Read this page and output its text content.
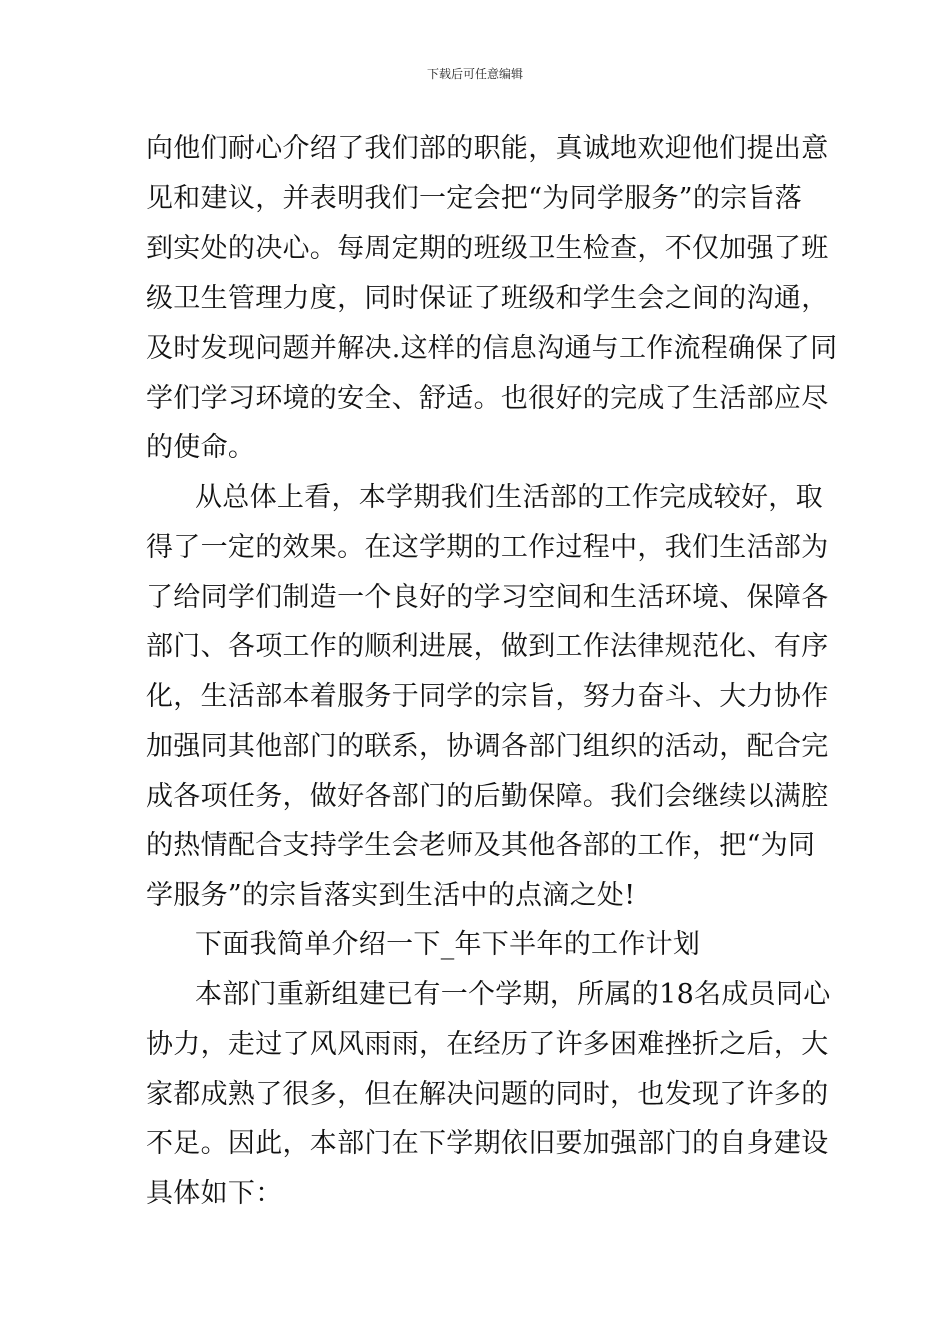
下载后可任意编辑
向他们耐心介绍了我们部的职能，真诚地欢迎他们提出意
见和建议，并表明我们一定会把“为同学服务”的宗旨落
到实处的决心。每周定期的班级卫生检查，不仅加强了班
级卫生管理力度，同时保证了班级和学生会之间的沟通，
及时发现问题并解决.这样的信息沟通与工作流程确保了同
学们学习环境的安全、舒适。也很好的完成了生活部应尽
的使命。
从总体上看，本学期我们生活部的工作完成较好，取
得了一定的效果。在这学期的工作过程中，我们生活部为
了给同学们制造一个良好的学习空间和生活环境、保障各
部门、各项工作的顺利进展，做到工作法律规范化、有序
化，生活部本着服务于同学的宗旨，努力奋斗、大力协作
加强同其他部门的联系，协调各部门组织的活动，配合完
成各项任务，做好各部门的后勤保障。我们会继续以满腔
的热情配合支持学生会老师及其他各部的工作，把“为同
学服务”的宗旨落实到生活中的点滴之处!
下面我简单介绍一下_年下半年的工作计划
本部门重新组建已有一个学期，所属的18名成员同心
协力，走过了风风雨雨，在经历了许多困难挫折之后，大
家都成熟了很多，但在解决问题的同时，也发现了许多的
不足。因此，本部门在下学期依旧要加强部门的自身建设
具体如下：
